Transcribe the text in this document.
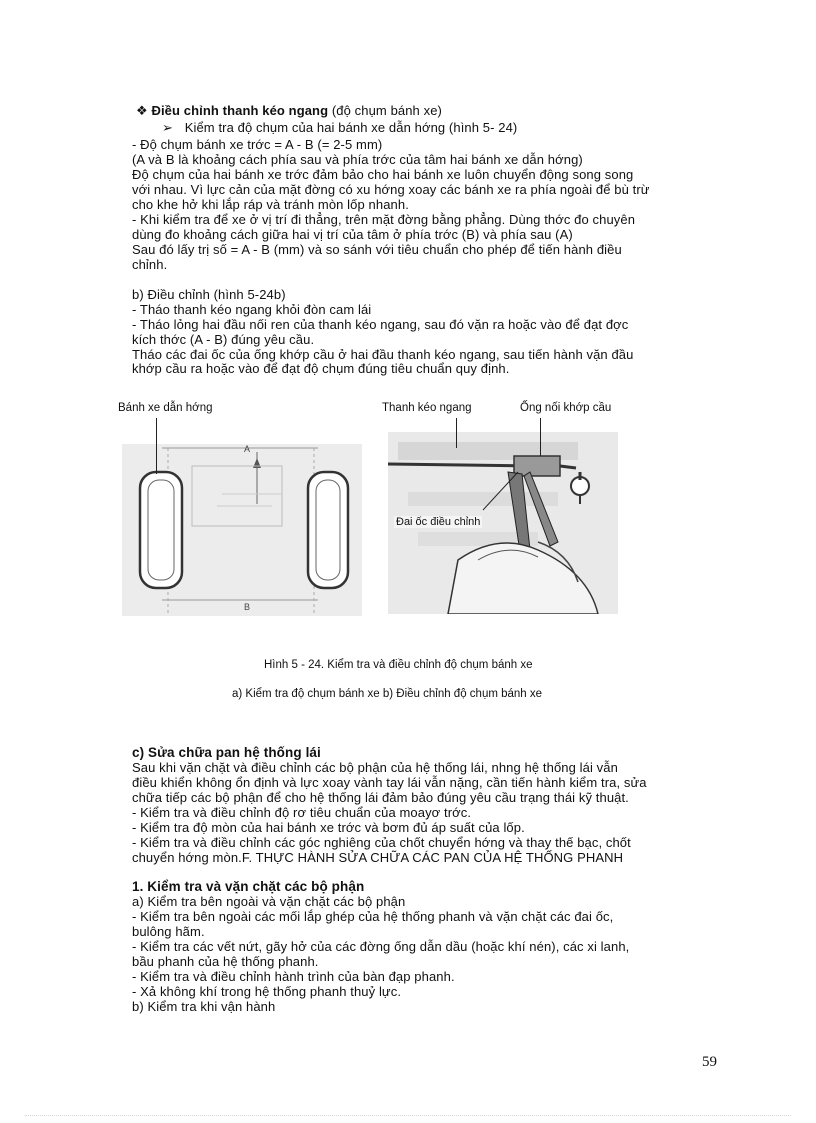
❖ Điều chỉnh thanh kéo ngang (độ chụm bánh xe)
➢ Kiểm tra độ chụm của hai bánh xe dẫn hớng (hình 5- 24)
- Độ chụm bánh xe trớc = A - B (= 2-5 mm)
(A và B là khoảng cách phía sau và phía trớc của tâm hai bánh xe dẫn hớng)
Độ chụm của hai bánh xe trớc đảm bảo cho hai bánh xe luôn chuyển động song song
với nhau. Vì lực cản của mặt đờng có xu hớng xoay các bánh xe ra phía ngoài để bù trừ
cho khe hở khi lắp ráp và tránh mòn lốp nhanh.
- Khi kiểm tra để xe ở vị trí đi thẳng, trên mặt đờng bằng phẳng. Dùng thớc đo chuyên
dùng đo khoảng cách giữa hai vị trí của tâm ở phía trớc (B) và phía sau (A)
Sau đó lấy trị số = A - B (mm) và so sánh với tiêu chuẩn cho phép để tiến hành điều
chỉnh.
b) Điều chỉnh (hình 5-24b)
- Tháo thanh kéo ngang khỏi đòn cam lái
- Tháo lỏng hai đầu nối ren của thanh kéo ngang, sau đó vặn ra hoặc vào để đạt đợc
kích thớc (A - B) đúng yêu cầu.
Tháo các đai ốc của ống khớp cầu ở hai đầu thanh kéo ngang, sau tiến hành vặn đầu
khớp cầu ra hoặc vào để đạt độ chụm đúng tiêu chuẩn quy định.
Bánh xe dẫn hớng	Thanh kéo ngang	Ống nối khớp cầu
A
B
Đai ốc điều chỉnh
Hình 5 - 24. Kiểm tra và điều chỉnh độ chụm bánh xe
a) Kiểm tra độ chụm bánh xe b) Điều chỉnh độ chụm bánh xe
c) Sửa chữa pan hệ thống lái
Sau khi vặn chặt và điều chỉnh các bộ phận của hệ thống lái, nhng hệ thống lái vẫn
điều khiển không ổn định và lực xoay vành tay lái vẫn nặng, cần tiến hành kiểm tra, sửa
chữa tiếp các bộ phận để cho hệ thống lái đảm bảo đúng yêu cầu trạng thái kỹ thuật.
- Kiểm tra và điều chỉnh độ rơ tiêu chuẩn của moayơ trớc.
- Kiểm tra độ mòn của hai bánh xe trớc và bơm đủ áp suất của lốp.
- Kiểm tra và điều chỉnh các góc nghiêng của chốt chuyển hớng và thay thế bạc, chốt
chuyển hớng mòn.F. THỰC HÀNH SỬA CHỮA CÁC PAN CỦA HỆ THỐNG PHANH
1. Kiểm tra và vặn chặt các bộ phận
a) Kiểm tra bên ngoài và vặn chặt các bộ phận
- Kiểm tra bên ngoài các mối lắp ghép của hệ thống phanh và vặn chặt các đai ốc,
bulông hãm.
- Kiểm tra các vết nứt, gãy hở của các đờng ống dẫn dầu (hoặc khí nén), các xi lanh,
bầu phanh của hệ thống phanh.
- Kiểm tra và điều chỉnh hành trình của bàn đạp phanh.
- Xả không khí trong hệ thống phanh thuỷ lực.
b) Kiểm tra khi vận hành
59
